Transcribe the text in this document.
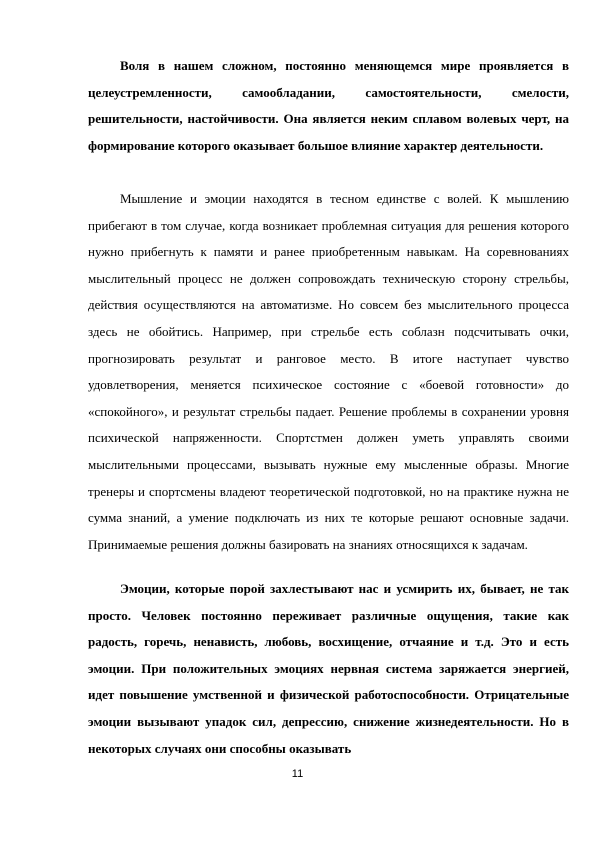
Воля в нашем сложном, постоянно меняющемся мире проявляется в целеустремленности, самообладании, самостоятельности, смелости, решительности, настойчивости. Она является неким сплавом волевых черт, на формирование которого оказывает большое влияние характер деятельности.

Мышление и эмоции находятся в тесном единстве с волей. К мышлению прибегают в том случае, когда возникает проблемная ситуация для решения которого нужно прибегнуть к памяти и ранее приобретенным навыкам. На соревнованиях мыслительный процесс не должен сопровождать техническую сторону стрельбы, действия осуществляются на автоматизме. Но совсем без мыслительного процесса здесь не обойтись. Например, при стрельбе есть соблазн подсчитывать очки, прогнозировать результат и ранговое место. В итоге наступает чувство удовлетворения, меняется психическое состояние с «боевой готовности» до «спокойного», и результат стрельбы падает. Решение проблемы в сохранении уровня психической напряженности. Спортстмен должен уметь управлять своими мыслительными процессами, вызывать нужные ему мысленные образы. Многие тренеры и спортсмены владеют теоретической подготовкой, но на практике нужна не сумма знаний, а умение подключать из них те которые решают основные задачи. Принимаемые решения должны базировать на знаниях относящихся к задачам.

Эмоции, которые порой захлестывают нас и усмирить их, бывает, не так просто. Человек постоянно переживает различные ощущения, такие как радость, горечь, ненависть, любовь, восхищение, отчаяние и т.д. Это и есть эмоции. При положительных эмоциях нервная система заряжается энергией, идет повышение умственной и физической работоспособности. Отрицательные эмоции вызывают упадок сил, депрессию, снижение жизнедеятельности. Но в некоторых случаях они способны оказывать

11
